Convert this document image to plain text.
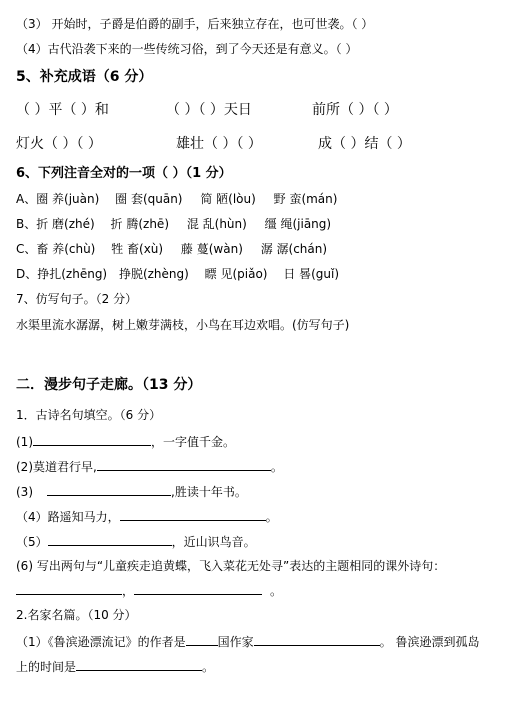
（3） 开始时，子爵是伯爵的副手，后来独立存在，也可世袭。（ ）
（4）古代沿袭下来的一些传统习俗，到了今天还是有意义。（ ）
5、补充成语（6 分）
（ ）平（ ）和	（ ）（ ）天日	前所（ ）（ ）
灯火（ ）（ ）	雄壮（ ）（ ）	成（ ）结（ ）
6、下列注音全对的一项（ ）（1 分）
A、圈 养(juàn) 圈 套(quān) 简 陋(lòu) 野 蛮(mán)
B、折 磨(zhé) 折 腾(zhē) 混 乱(hùn) 缰 绳(jiāng)
C、畜 养(chù) 牲 畜(xù) 藤 蔓(wàn) 潺 潺(chán)
D、挣扎(zhēng) 挣脱(zhèng) 瞟 见(piǎo) 日 晷(guǐ)
7、仿写句子。（2 分）
水渠里流水潺潺，树上嫩芽满枝，小鸟在耳边欢唱。(仿写句子)
二．漫步句子走廊。（13 分）
1．古诗名句填空。（6 分）
(1)	，一字值千金。
(2)莫道君行早,	。
(3)	,胜读十年书。
（4）路遥知马力，	。
（5）	，近山识鸟音。
(6) 写出两句与“儿童疾走追黄蝶，飞入菜花无处寻”表达的主题相同的课外诗句：
，	。
2.名家名篇。（10 分）
（1）《鲁滨逊漂流记》的作者是	国作家	。 鲁滨逊漂到孤岛
上的时间是	。
